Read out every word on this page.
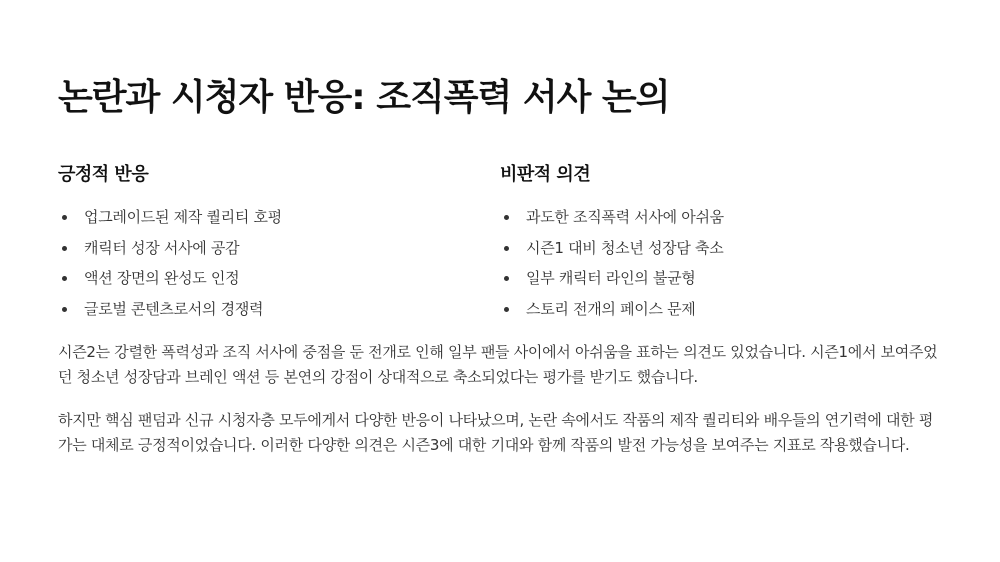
논란과 시청자 반응: 조직폭력 서사 논의
긍정적 반응
업그레이드된 제작 퀄리티 호평
캐릭터 성장 서사에 공감
액션 장면의 완성도 인정
글로벌 콘텐츠로서의 경쟁력
비판적 의견
과도한 조직폭력 서사에 아쉬움
시즌1 대비 청소년 성장담 축소
일부 캐릭터 라인의 불균형
스토리 전개의 페이스 문제

시즌2는 강렬한 폭력성과 조직 서사에 중점을 둔 전개로 인해 일부 팬들 사이에서 아쉬움을 표하는 의견도 있었습니다. 시즌1에서 보여주었던 청소년 성장담과 브레인 액션 등 본연의 강점이 상대적으로 축소되었다는 평가를 받기도 했습니다.

하지만 핵심 팬덤과 신규 시청자층 모두에게서 다양한 반응이 나타났으며, 논란 속에서도 작품의 제작 퀄리티와 배우들의 연기력에 대한 평가는 대체로 긍정적이었습니다. 이러한 다양한 의견은 시즌3에 대한 기대와 함께 작품의 발전 가능성을 보여주는 지표로 작용했습니다.
